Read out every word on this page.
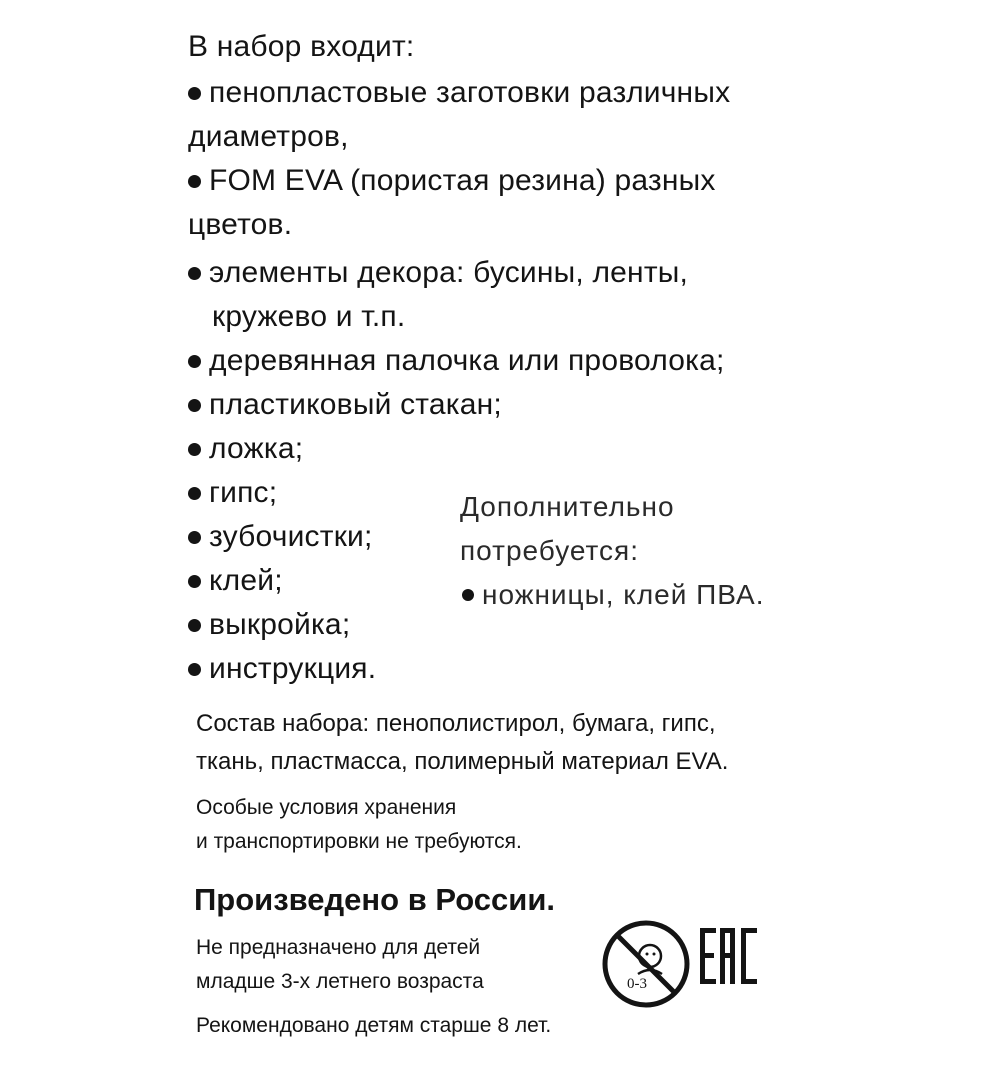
В набор входит:
пенопластовые заготовки различных
диаметров,
FOM EVA (пористая резина) разных
цветов.
элементы декора: бусины, ленты,
кружево и т.п.
деревянная палочка или проволока;
пластиковый стакан;
ложка;
гипс;
зубочистки;
клей;
выкройка;
инструкция.
Дополнительно
потребуется:
ножницы, клей ПВА.
Состав набора: пенополистирол, бумага, гипс,
ткань, пластмасса, полимерный материал EVA.
Особые условия хранения
и транспортировки не требуются.
Произведено в России.
Не предназначено для детей
младше 3-х летнего возраста	0-3
Рекомендовано детям старше 8 лет.
